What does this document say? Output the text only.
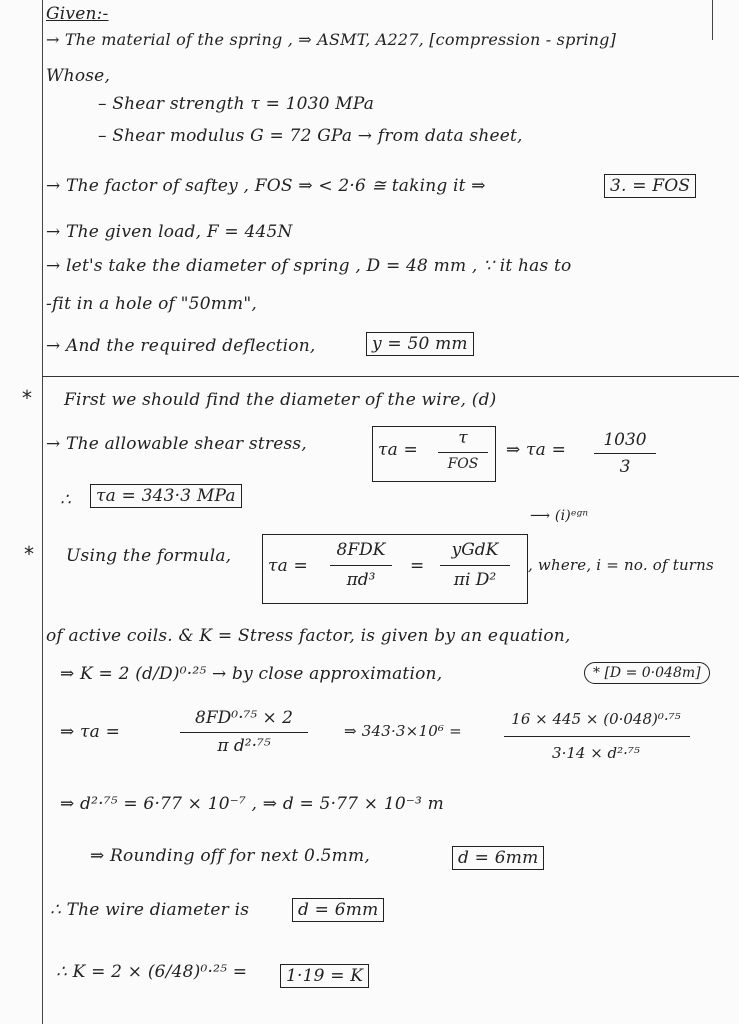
Given:-
→ The material of the spring , ⇒ ASMT, A227, [compression - spring]
Whose,
– Shear strength τ = 1030 MPa
– Shear modulus G = 72 GPa → from data sheet,
→ The factor of saftey , FOS ⇒ < 2·6 ≅ taking it ⇒	3. = FOS
→ The given load, F = 445N
→ let's take the diameter of spring , D = 48 mm , ∵ it has to
-fit in a hole of "50mm",
→ And the required deflection,	y = 50 mm
* First we should find the diameter of the wire, (d)
→ The allowable shear stress,	τa =
τ
FOS
⇒ τa =	1030
3
∴	τa = 343·3 MPa
⟶ (i)ᵉᵍⁿ
* Using the formula, τa =
8FDK
πd³
=
yGdK
πi D²
, where, i = no. of turns
of active coils. & K = Stress factor, is given by an equation,
⇒ K = 2 (d/D)⁰·²⁵ → by close approximation,	* [D = 0·048m]
⇒ τa =
8FD⁰·⁷⁵ × 2
π d²·⁷⁵
⇒ 343·3×10⁶ =
16 × 445 × (0·048)⁰·⁷⁵
3·14 × d²·⁷⁵
⇒ d²·⁷⁵ = 6·77 × 10⁻⁷ , ⇒ d = 5·77 × 10⁻³ m
⇒ Rounding off for next 0.5mm,	d = 6mm
∴ The wire diameter is	d = 6mm
∴ K = 2 × (6/48)⁰·²⁵ =	1·19 = K
